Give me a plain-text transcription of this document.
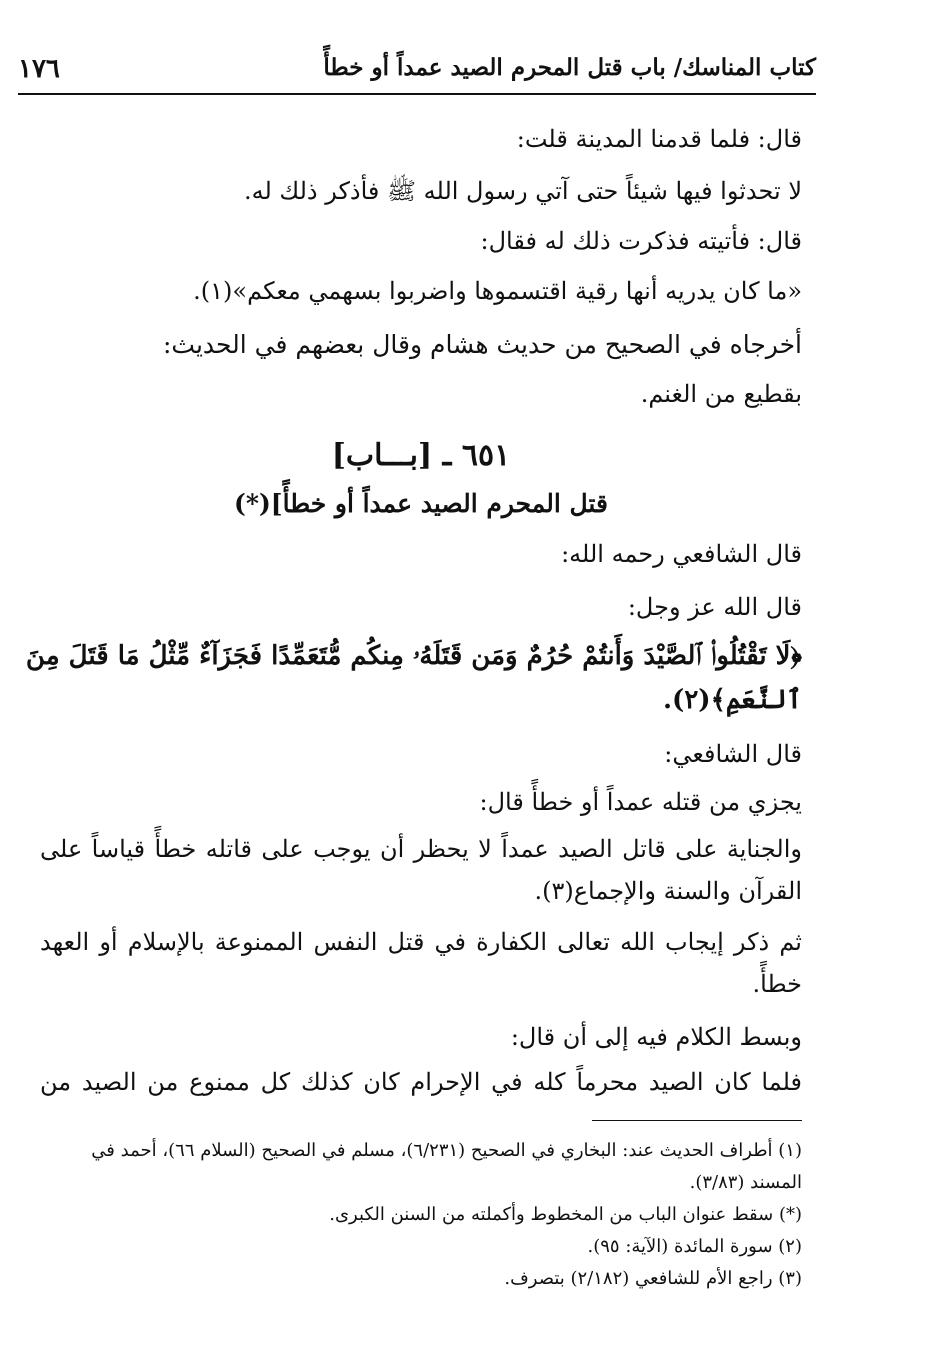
كتاب المناسك/ باب قتل المحرم الصيد عمداً أو خطأً
١٧٦
قال: فلما قدمنا المدينة قلت:
لا تحدثوا فيها شيئاً حتى آتي رسول الله ﷺ فأذكر ذلك له.
قال: فأتيته فذكرت ذلك له فقال:
«ما كان يدريه أنها رقية اقتسموها واضربوا بسهمي معكم»(١).
أخرجاه في الصحيح من حديث هشام وقال بعضهم في الحديث:
بقطيع من الغنم.
٦٥١ ـ [بـــاب]
قتل المحرم الصيد عمداً أو خطأً](*)
قال الشافعي رحمه الله:
قال الله عز وجل:
﴿لَا تَقْتُلُوا۟ ٱلصَّيْدَ وَأَنتُمْ حُرُمٌ وَمَن قَتَلَهُۥ مِنكُم مُّتَعَمِّدًا فَجَزَآءٌ مِّثْلُ مَا قَتَلَ مِنَ
ٱلنَّعَمِ﴾(٢).
قال الشافعي:
يجزي من قتله عمداً أو خطأً قال:
والجناية على قاتل الصيد عمداً لا يحظر أن يوجب على قاتله خطأً قياساً على
القرآن والسنة والإجماع(٣).
ثم ذكر إيجاب الله تعالى الكفارة في قتل النفس الممنوعة بالإسلام أو العهد
خطأً.
وبسط الكلام فيه إلى أن قال:
فلما كان الصيد محرماً كله في الإحرام كان كذلك كل ممنوع من الصيد من
(١) أطراف الحديث عند: البخاري في الصحيح (٦/٢٣١)، مسلم في الصحيح (السلام ٦٦)، أحمد في
المسند (٣/٨٣).
(*) سقط عنوان الباب من المخطوط وأكملته من السنن الكبرى.
(٢) سورة المائدة (الآية: ٩٥).
(٣) راجع الأم للشافعي (٢/١٨٢) بتصرف.
